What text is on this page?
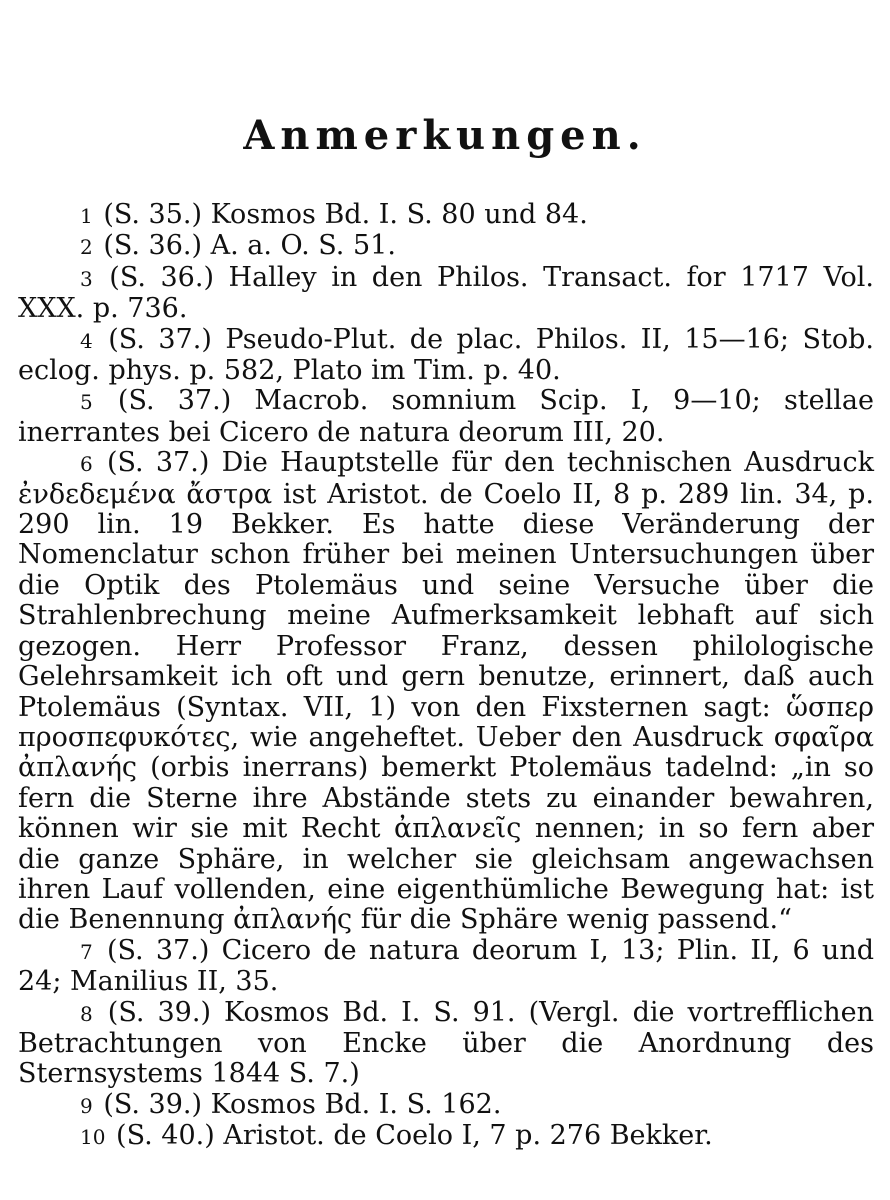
Anmerkungen.

1 (S. 35.) Kosmos Bd. I. S. 80 und 84.

2 (S. 36.) A. a. O. S. 51.

3 (S. 36.) Halley in den Philos. Transact. for 1717 Vol. XXX. p. 736.

4 (S. 37.) Pseudo-Plut. de plac. Philos. II, 15—16; Stob. eclog. phys. p. 582, Plato im Tim. p. 40.

5 (S. 37.) Macrob. somnium Scip. I, 9—10; stellae inerrantes bei Cicero de natura deorum III, 20.

6 (S. 37.) Die Hauptstelle für den technischen Ausdruck ἐνδεδεμένα ἄστρα ist Aristot. de Coelo II, 8 p. 289 lin. 34, p. 290 lin. 19 Bekker. Es hatte diese Veränderung der Nomenclatur schon früher bei meinen Untersuchungen über die Optik des Ptolemäus und seine Versuche über die Strahlenbrechung meine Aufmerksamkeit lebhaft auf sich gezogen. Herr Professor Franz, dessen philologische Gelehrsamkeit ich oft und gern benutze, erinnert, daß auch Ptolemäus (Syntax. VII, 1) von den Fixsternen sagt: ὥσπερ προσπεφυκότες, wie angeheftet. Ueber den Ausdruck σφαῖρα ἀπλανής (orbis inerrans) bemerkt Ptolemäus tadelnd: „in so fern die Sterne ihre Abstände stets zu einander bewahren, können wir sie mit Recht ἀπλανεῖς nennen; in so fern aber die ganze Sphäre, in welcher sie gleichsam angewachsen ihren Lauf vollenden, eine eigenthümliche Bewegung hat: ist die Benennung ἀπλανής für die Sphäre wenig passend.“

7 (S. 37.) Cicero de natura deorum I, 13; Plin. II, 6 und 24; Manilius II, 35.

8 (S. 39.) Kosmos Bd. I. S. 91. (Vergl. die vortrefflichen Betrachtungen von Encke über die Anordnung des Sternsystems 1844 S. 7.)

9 (S. 39.) Kosmos Bd. I. S. 162.

10 (S. 40.) Aristot. de Coelo I, 7 p. 276 Bekker.
